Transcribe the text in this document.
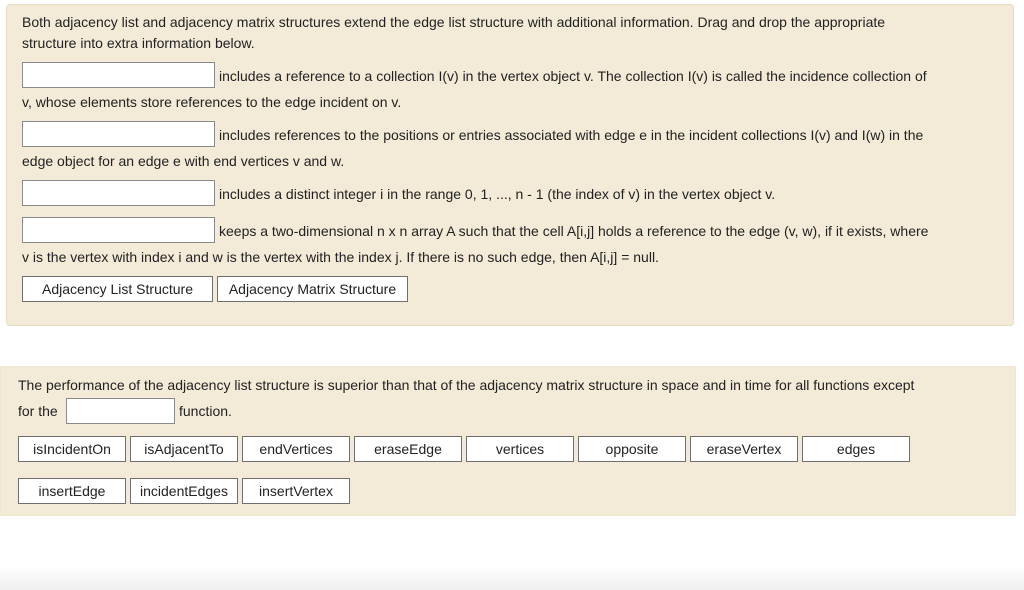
Both adjacency list and adjacency matrix structures extend the edge list structure with additional information. Drag and drop the appropriate
structure into extra information below.
includes a reference to a collection I(v) in the vertex object v. The collection I(v) is called the incidence collection of
v, whose elements store references to the edge incident on v.
includes references to the positions or entries associated with edge e in the incident collections I(v) and I(w) in the
edge object for an edge e with end vertices v and w.
includes a distinct integer i in the range 0, 1, ..., n - 1 (the index of v) in the vertex object v.
keeps a two-dimensional n x n array A such that the cell A[i,j] holds a reference to the edge (v, w), if it exists, where
v is the vertex with index i and w is the vertex with the index j. If there is no such edge, then A[i,j] = null.
Adjacency List Structure	Adjacency Matrix Structure
The performance of the adjacency list structure is superior than that of the adjacency matrix structure in space and in time for all functions except
for the	function.
isIncidentOn	isAdjacentTo	endVertices	eraseEdge	vertices	opposite	eraseVertex	edges
insertEdge	incidentEdges	insertVertex
